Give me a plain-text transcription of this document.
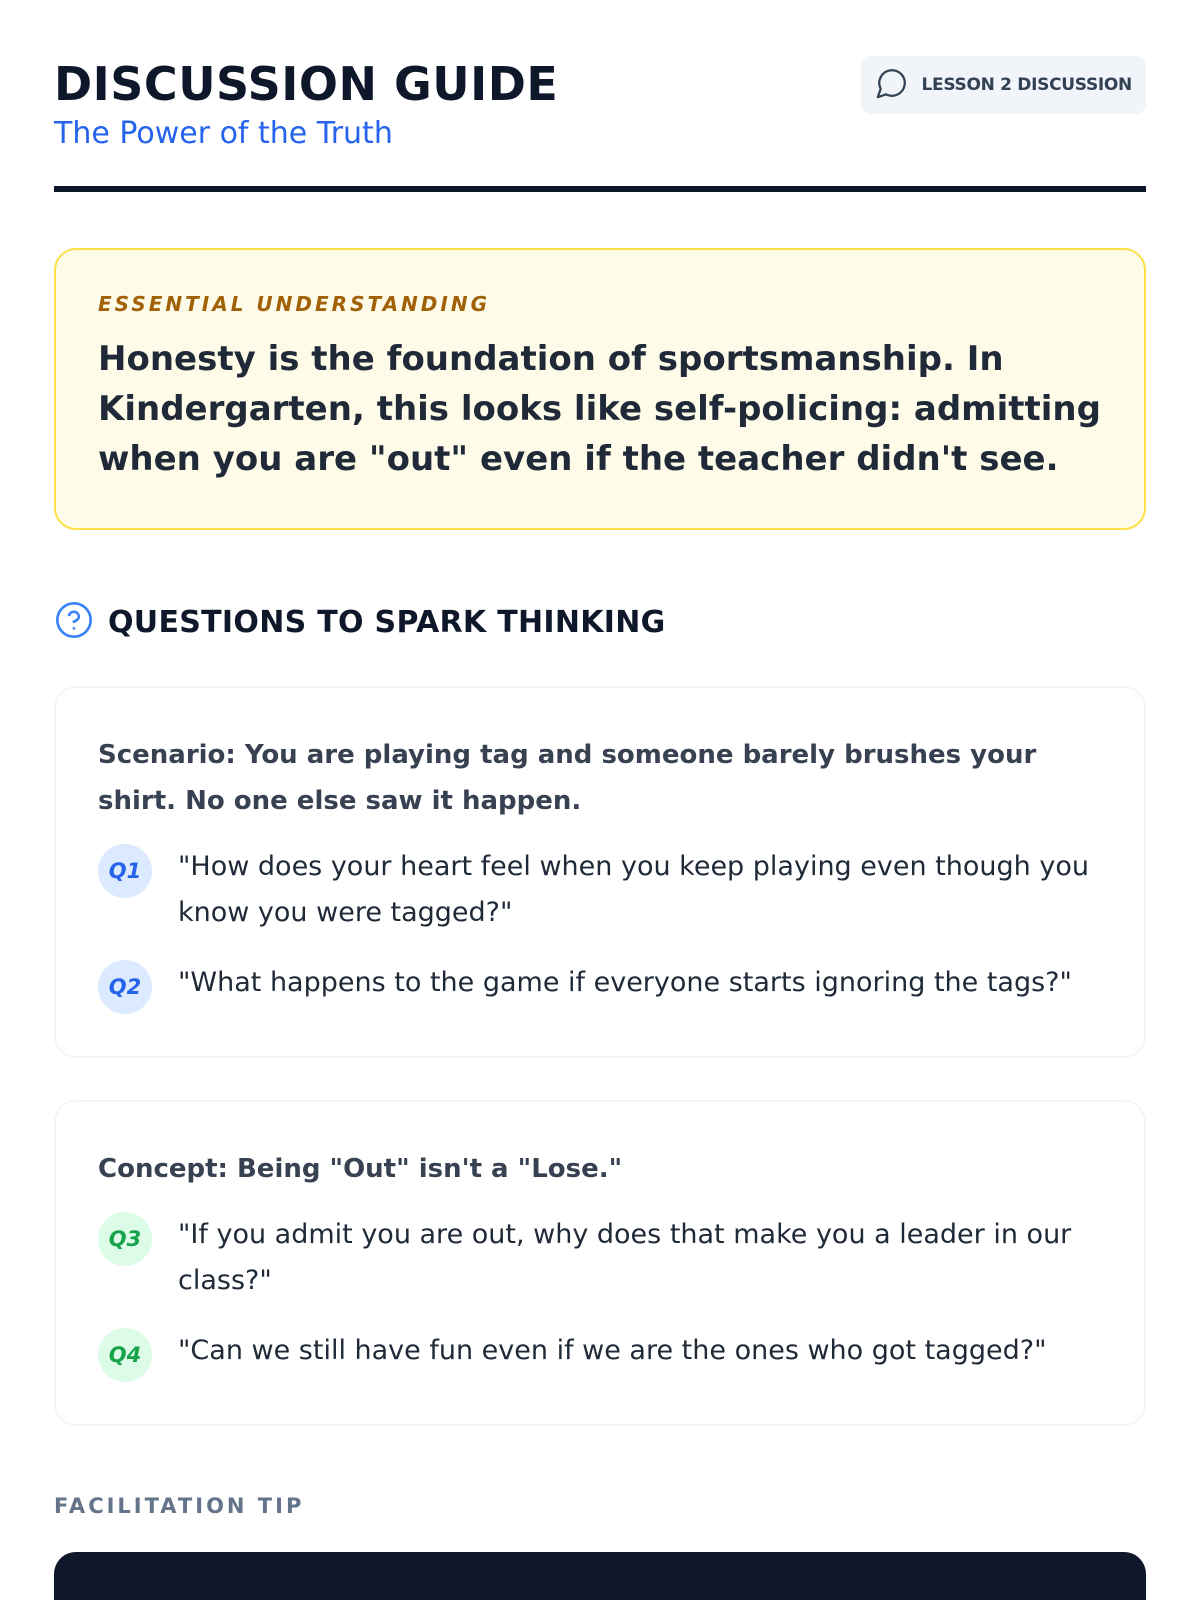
DISCUSSION GUIDE
The Power of the Truth
LESSON 2 DISCUSSION
ESSENTIAL UNDERSTANDING
Honesty is the foundation of sportsmanship. In Kindergarten, this looks like self-policing: admitting when you are "out" even if the teacher didn't see.
QUESTIONS TO SPARK THINKING
Scenario: You are playing tag and someone barely brushes your shirt. No one else saw it happen.
Q1	"How does your heart feel when you keep playing even though you know you were tagged?"
Q2	"What happens to the game if everyone starts ignoring the tags?"
Concept: Being "Out" isn't a "Lose."
Q3	"If you admit you are out, why does that make you a leader in our class?"
Q4	"Can we still have fun even if we are the ones who got tagged?"
FACILITATION TIP
